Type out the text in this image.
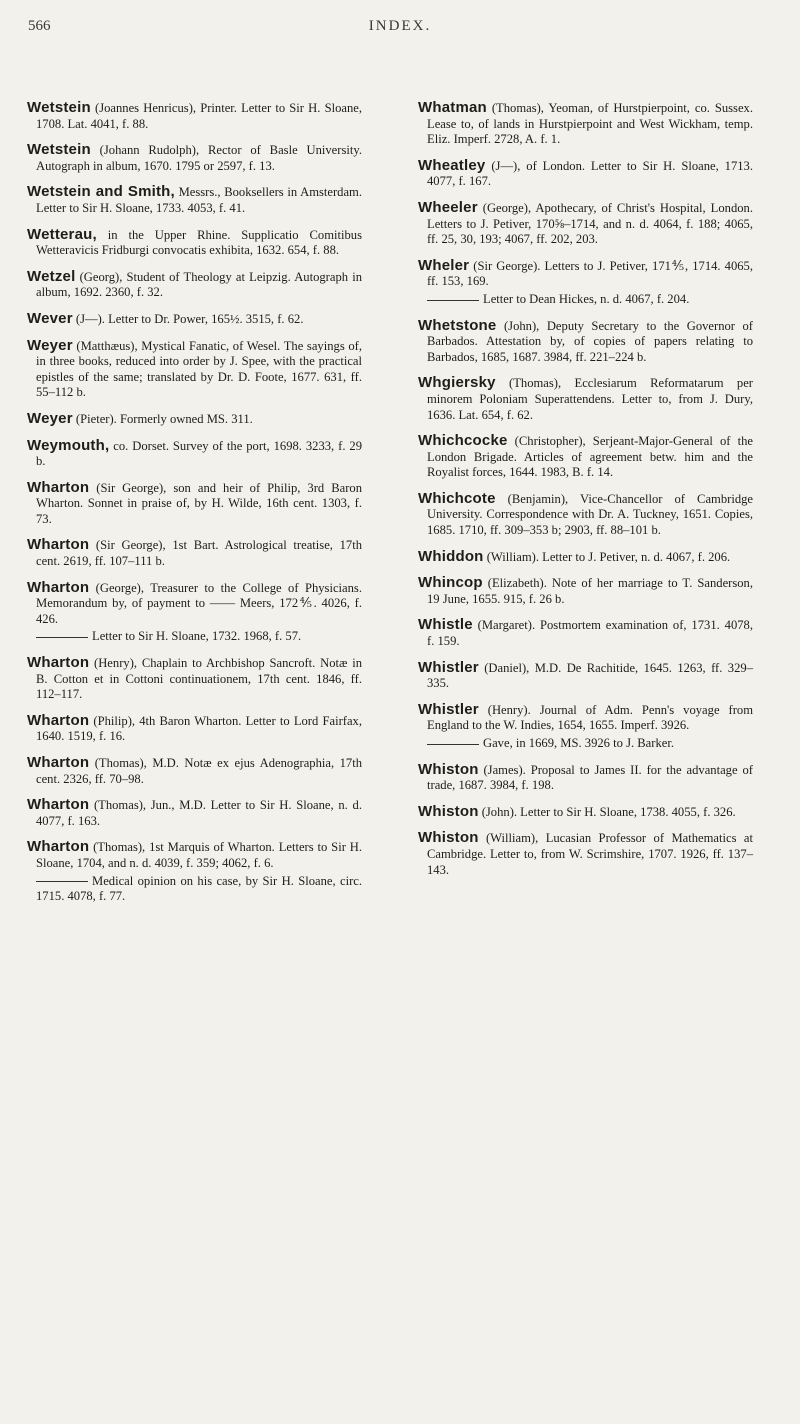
566	INDEX.
Wetstein (Joannes Henricus), Printer. Letter to Sir H. Sloane, 1708. Lat. 4041, f. 88.
Wetstein (Johann Rudolph), Rector of Basle University. Autograph in album, 1670. 1795 or 2597, f. 13.
Wetstein and Smith, Messrs., Booksellers in Amsterdam. Letter to Sir H. Sloane, 1733. 4053, f. 41.
Wetterau, in the Upper Rhine. Supplicatio Comitibus Wetteravicis Fridburgi convocatis exhibita, 1632. 654, f. 88.
Wetzel (Georg), Student of Theology at Leipzig. Autograph in album, 1692. 2360, f. 32.
Wever (J—). Letter to Dr. Power, 165½. 3515, f. 62.
Weyer (Matthæus), Mystical Fanatic, of Wesel. The sayings of, in three books, reduced into order by J. Spee, with the practical epistles of the same; translated by Dr. D. Foote, 1677. 631, ff. 55–112 b.
Weyer (Pieter). Formerly owned MS. 311.
Weymouth, co. Dorset. Survey of the port, 1698. 3233, f. 29 b.
Wharton (Sir George), son and heir of Philip, 3rd Baron Wharton. Sonnet in praise of, by H. Wilde, 16th cent. 1303, f. 73.
Wharton (Sir George), 1st Bart. Astrological treatise, 17th cent. 2619, ff. 107–111 b.
Wharton (George), Treasurer to the College of Physicians. Memorandum by, of payment to —— Meers, 172⅘. 4026, f. 426.
Letter to Sir H. Sloane, 1732. 1968, f. 57.
Wharton (Henry), Chaplain to Archbishop Sancroft. Notæ in B. Cotton et in Cottoni continuationem, 17th cent. 1846, ff. 112–117.
Wharton (Philip), 4th Baron Wharton. Letter to Lord Fairfax, 1640. 1519, f. 16.
Wharton (Thomas), M.D. Notæ ex ejus Adenographia, 17th cent. 2326, ff. 70–98.
Wharton (Thomas), Jun., M.D. Letter to Sir H. Sloane, n. d. 4077, f. 163.
Wharton (Thomas), 1st Marquis of Wharton. Letters to Sir H. Sloane, 1704, and n. d. 4039, f. 359; 4062, f. 6.
Medical opinion on his case, by Sir H. Sloane, circ. 1715. 4078, f. 77.
Whatman (Thomas), Yeoman, of Hurstpierpoint, co. Sussex. Lease to, of lands in Hurstpierpoint and West Wickham, temp. Eliz. Imperf. 2728, A. f. 1.
Wheatley (J—), of London. Letter to Sir H. Sloane, 1713. 4077, f. 167.
Wheeler (George), Apothecary, of Christ's Hospital, London. Letters to J. Petiver, 170⅝–1714, and n. d. 4064, f. 188; 4065, ff. 25, 30, 193; 4067, ff. 202, 203.
Wheler (Sir George). Letters to J. Petiver, 171⅘, 1714. 4065, ff. 153, 169.
Letter to Dean Hickes, n. d. 4067, f. 204.
Whetstone (John), Deputy Secretary to the Governor of Barbados. Attestation by, of copies of papers relating to Barbados, 1685, 1687. 3984, ff. 221–224 b.
Whgiersky (Thomas), Ecclesiarum Reformatarum per minorem Poloniam Superattendens. Letter to, from J. Dury, 1636. Lat. 654, f. 62.
Whichcocke (Christopher), Serjeant-Major-General of the London Brigade. Articles of agreement betw. him and the Royalist forces, 1644. 1983, B. f. 14.
Whichcote (Benjamin), Vice-Chancellor of Cambridge University. Correspondence with Dr. A. Tuckney, 1651. Copies, 1685. 1710, ff. 309–353 b; 2903, ff. 88–101 b.
Whiddon (William). Letter to J. Petiver, n. d. 4067, f. 206.
Whincop (Elizabeth). Note of her marriage to T. Sanderson, 19 June, 1655. 915, f. 26 b.
Whistle (Margaret). Postmortem examination of, 1731. 4078, f. 159.
Whistler (Daniel), M.D. De Rachitide, 1645. 1263, ff. 329–335.
Whistler (Henry). Journal of Adm. Penn's voyage from England to the W. Indies, 1654, 1655. Imperf. 3926.
Gave, in 1669, MS. 3926 to J. Barker.
Whiston (James). Proposal to James II. for the advantage of trade, 1687. 3984, f. 198.
Whiston (John). Letter to Sir H. Sloane, 1738. 4055, f. 326.
Whiston (William), Lucasian Professor of Mathematics at Cambridge. Letter to, from W. Scrimshire, 1707. 1926, ff. 137–143.
